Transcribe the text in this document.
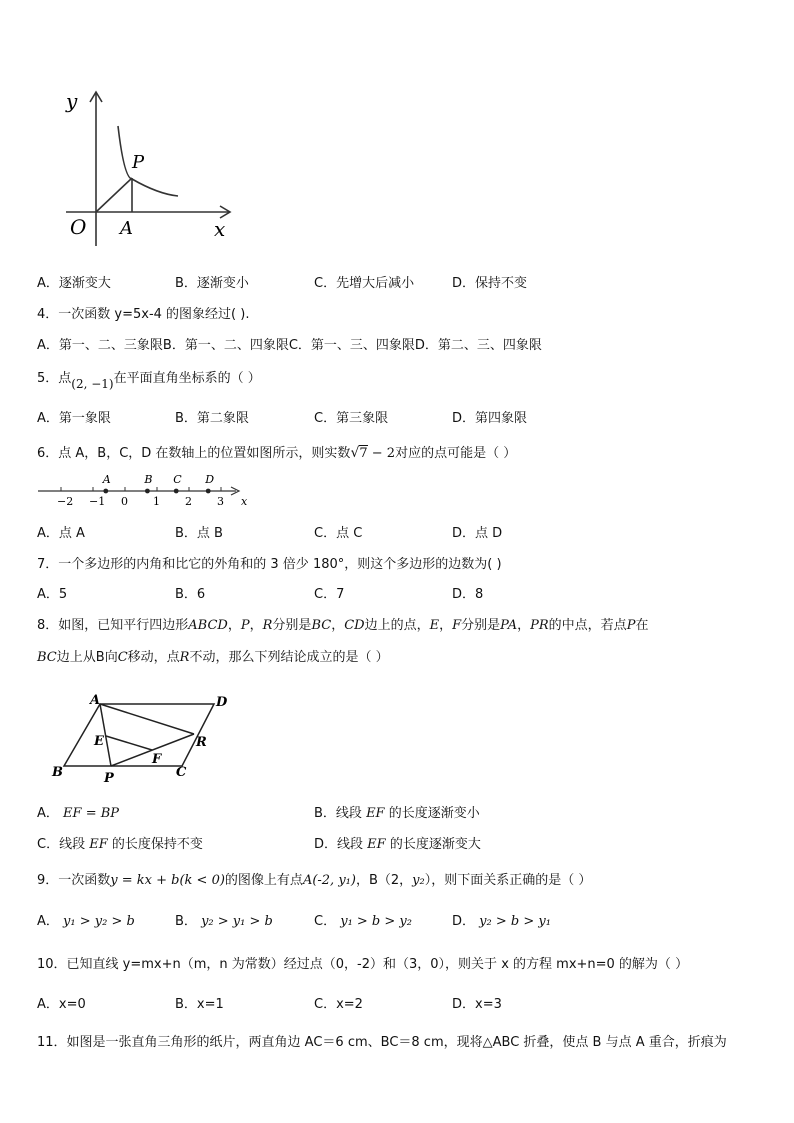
y
x
O A
P
A．逐渐变大	B．逐渐变小	C．先增大后减小	D．保持不变
4．一次函数 y=5x-4 的图象经过( ).
A．第一、二、三象限B．第一、二、四象限C．第一、三、四象限D．第二、三、四象限
5．点(2, −1)在平面直角坐标系的（ ）
A．第一象限	B．第二象限	C．第三象限	D．第四象限
6．点 A，B，C，D 在数轴上的位置如图所示，则实数√7 − 2对应的点可能是（ ）
x
−2 −1 0 1 2 3
A	B C D
A．点 A	B．点 B	C．点 C	D．点 D
7．一个多边形的内角和比它的外角和的 3 倍少 180°，则这个多边形的边数为( )
A．5	B．6	C．7	D．8
8．如图，已知平行四边形ABCD，P，R分别是BC，CD边上的点，E，F分别是PA，PR的中点，若点P在
BC边上从B向C移动，点R不动，那么下列结论成立的是（ ）
A	D
E	R
F
B	P	C
A． EF = BP	B．线段 EF 的长度逐渐变小
C．线段 EF 的长度保持不变	D．线段 EF 的长度逐渐变大
9．一次函数y = kx + b(k < 0)的图像上有点A(-2, y₁)，B（2，y₂），则下面关系正确的是（ ）
A． y₁ > y₂ > b	B． y₂ > y₁ > b	C． y₁ > b > y₂	D． y₂ > b > y₁
10．已知直线 y=mx+n（m，n 为常数）经过点（0，-2）和（3，0），则关于 x 的方程 mx+n=0 的解为（ ）
A．x=0	B．x=1	C．x=2	D．x=3
11．如图是一张直角三角形的纸片，两直角边 AC＝6 cm、BC＝8 cm，现将△ABC 折叠，使点 B 与点 A 重合，折痕为
